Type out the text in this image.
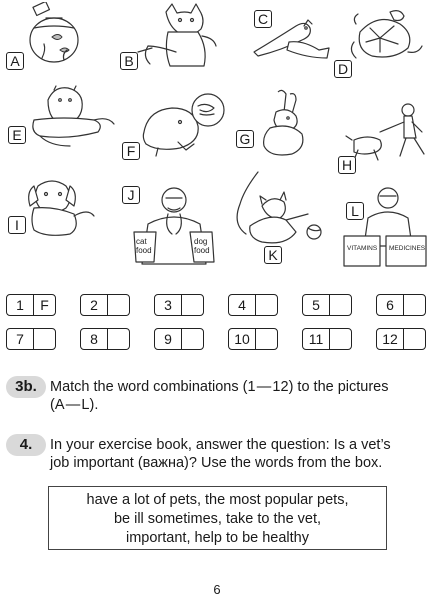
A	B
C
D
E
F
G
H
I
cat
food
dog
food
J
K	VITAMINS MEDICINES
L
1	F	2	3	4	5	6
7	8	9	10	11	12
3b. Match the word combinations (1 — 12) to the pictures
(A — L).
4.	In your exercise book, answer the question: Is a vet’s
job important (важна)? Use the words from the box.
have a lot of pets, the most popular pets,
be ill sometimes, take to the vet,
important, help to be healthy
6
